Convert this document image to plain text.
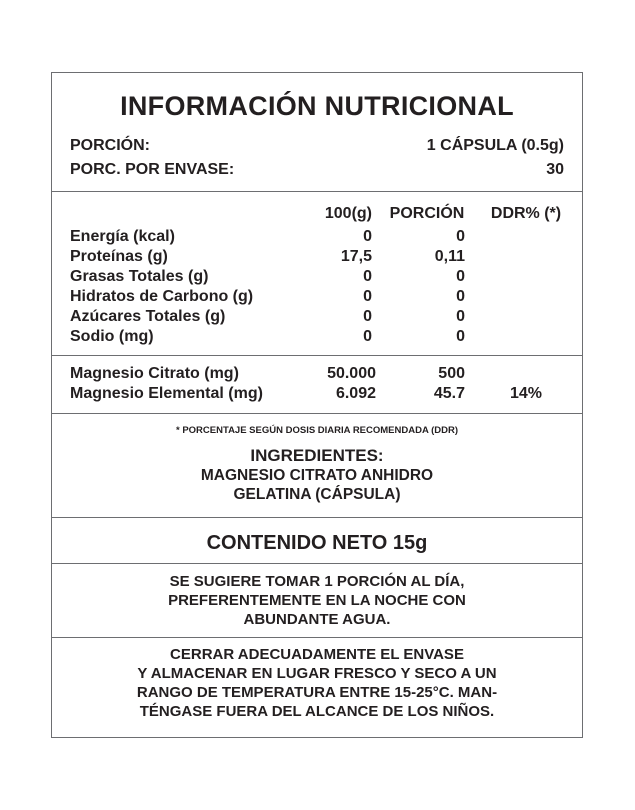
INFORMACIÓN NUTRICIONAL
PORCIÓN:	1 CÁPSULA (0.5g)
PORC. POR ENVASE:	30
100(g)	PORCIÓN	DDR% (*)
Energía (kcal)	0	0
Proteínas (g)	17,5	0,11
Grasas Totales (g)	0	0
Hidratos de Carbono (g)	0	0
Azúcares Totales (g)	0	0
Sodio (mg)	0	0
Magnesio Citrato (mg)	50.000	500
Magnesio Elemental (mg)	6.092	45.7	14%
* PORCENTAJE SEGÚN DOSIS DIARIA RECOMENDADA (DDR)
INGREDIENTES:
MAGNESIO CITRATO ANHIDRO
GELATINA (CÁPSULA)
CONTENIDO NETO 15g
SE SUGIERE TOMAR 1 PORCIÓN AL DÍA,
PREFERENTEMENTE EN LA NOCHE CON
ABUNDANTE AGUA.
CERRAR ADECUADAMENTE EL ENVASE
Y ALMACENAR EN LUGAR FRESCO Y SECO A UN
RANGO DE TEMPERATURA ENTRE 15-25°C. MAN-
TÉNGASE FUERA DEL ALCANCE DE LOS NIÑOS.
